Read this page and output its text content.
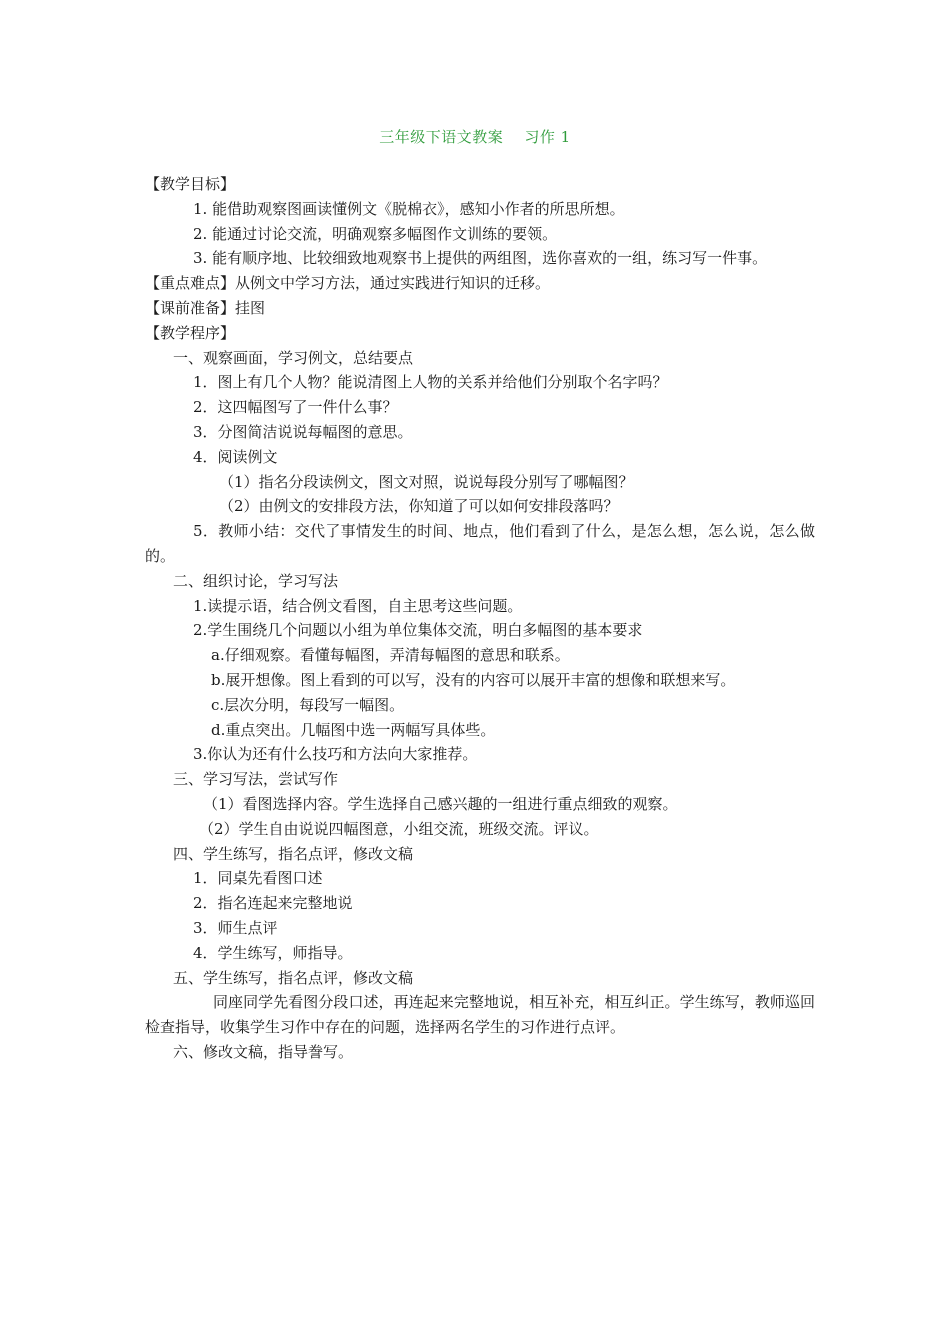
三年级下语文教案    习作 1
【教学目标】
1. 能借助观察图画读懂例文《脱棉衣》，感知小作者的所思所想。
2. 能通过讨论交流，明确观察多幅图作文训练的要领。
3. 能有顺序地、比较细致地观察书上提供的两组图，选你喜欢的一组，练习写一件事。
【重点难点】从例文中学习方法，通过实践进行知识的迁移。
【课前准备】挂图
【教学程序】
一、观察画面，学习例文，总结要点
1．图上有几个人物？能说清图上人物的关系并给他们分别取个名字吗？
2．这四幅图写了一件什么事？
3．分图简洁说说每幅图的意思。
4．阅读例文
（1）指名分段读例文，图文对照，说说每段分别写了哪幅图？
（2）由例文的安排段方法，你知道了可以如何安排段落吗？
5．教师小结：交代了事情发生的时间、地点，他们看到了什么，是怎么想，怎么说，怎么做的。
二、组织讨论，学习写法
1.读提示语，结合例文看图，自主思考这些问题。
2.学生围绕几个问题以小组为单位集体交流，明白多幅图的基本要求
a.仔细观察。看懂每幅图，弄清每幅图的意思和联系。
b.展开想像。图上看到的可以写，没有的内容可以展开丰富的想像和联想来写。
c.层次分明，每段写一幅图。
d.重点突出。几幅图中选一两幅写具体些。
3.你认为还有什么技巧和方法向大家推荐。
三、学习写法，尝试写作
（1）看图选择内容。学生选择自己感兴趣的一组进行重点细致的观察。
（2）学生自由说说四幅图意，小组交流，班级交流。评议。
四、学生练写，指名点评，修改文稿
1．同桌先看图口述
2．指名连起来完整地说
3．师生点评
4．学生练写，师指导。
五、学生练写，指名点评，修改文稿
同座同学先看图分段口述，再连起来完整地说，相互补充，相互纠正。学生练写，教师巡回检查指导，收集学生习作中存在的问题，选择两名学生的习作进行点评。
六、修改文稿，指导誊写。
